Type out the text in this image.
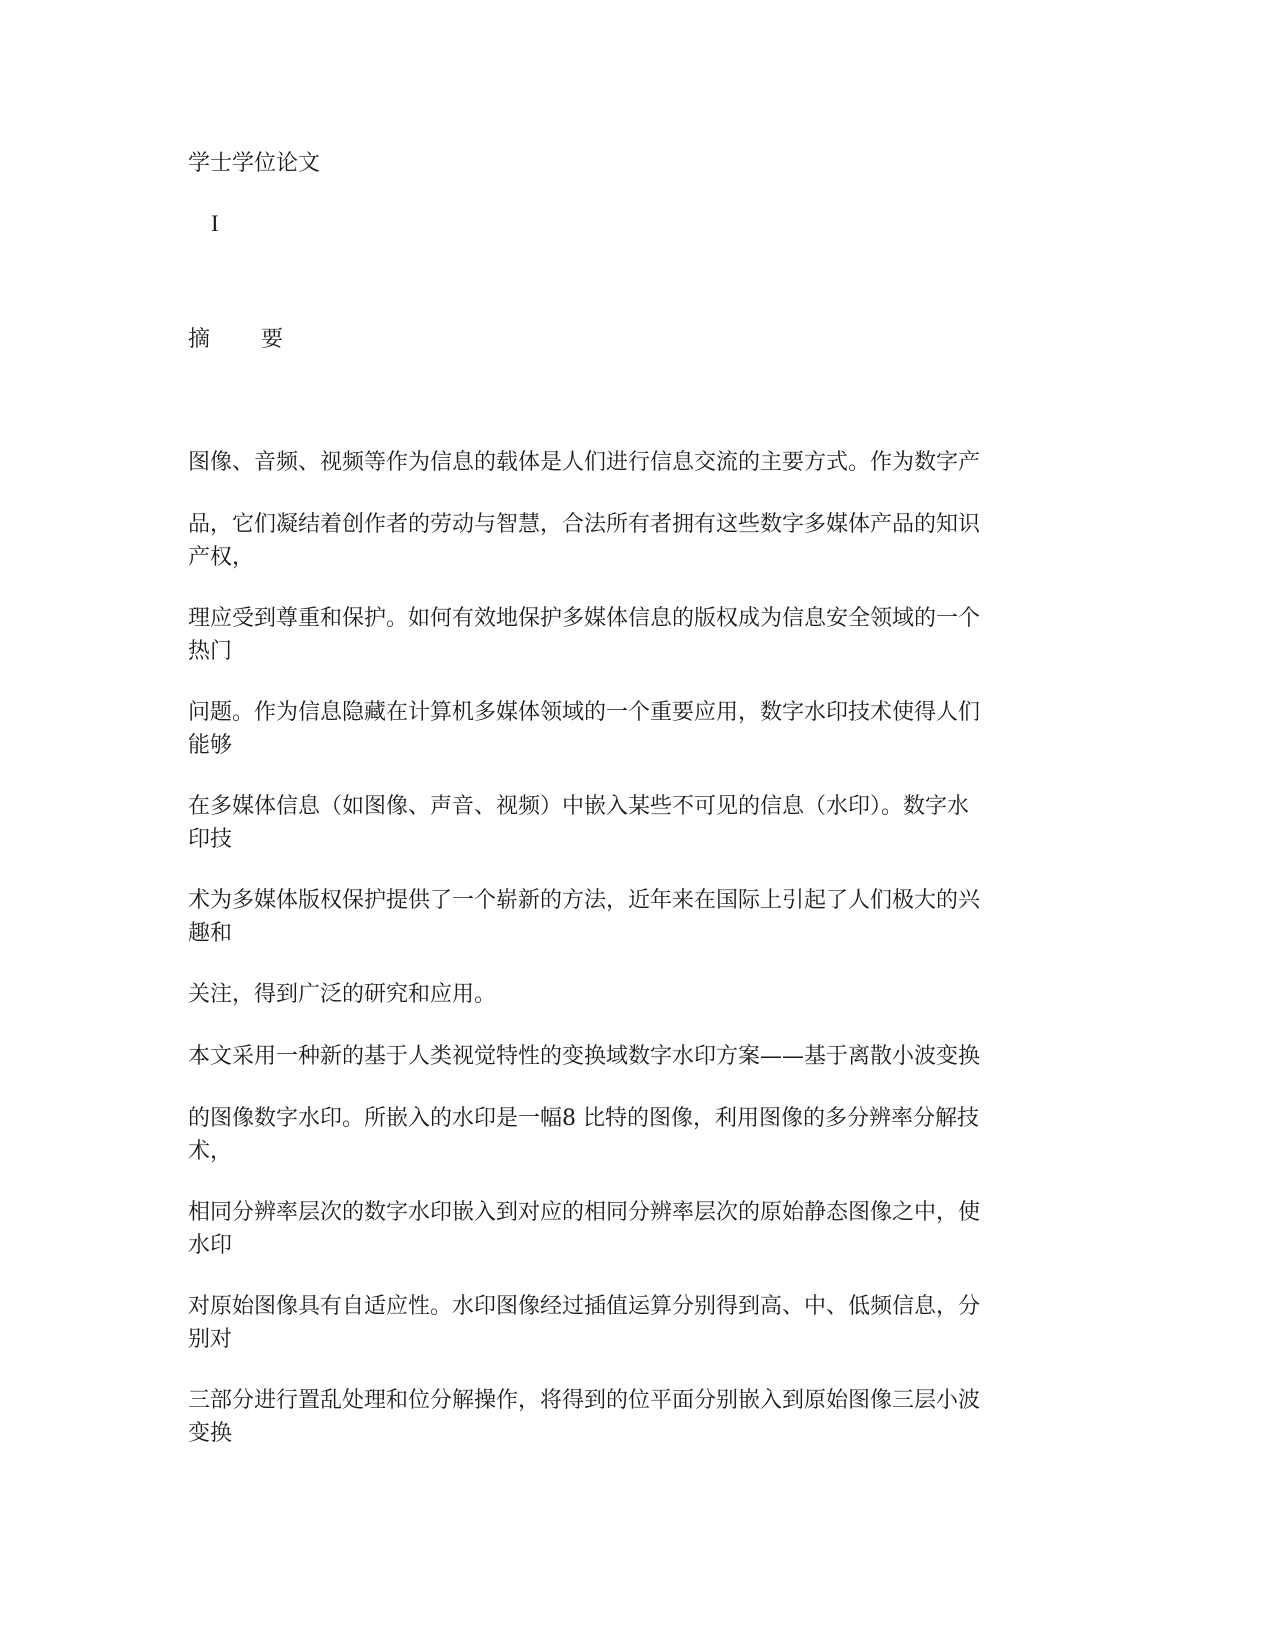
学士学位论文
I
摘 要

图像、音频、视频等作为信息的载体是人们进行信息交流的主要方式。作为数字产

品，它们凝结着创作者的劳动与智慧，合法所有者拥有这些数字多媒体产品的知识
产权，

理应受到尊重和保护。如何有效地保护多媒体信息的版权成为信息安全领域的一个
热门

问题。作为信息隐藏在计算机多媒体领域的一个重要应用，数字水印技术使得人们
能够

在多媒体信息（如图像、声音、视频）中嵌入某些不可见的信息（水印）。数字水
印技

术为多媒体版权保护提供了一个崭新的方法，近年来在国际上引起了人们极大的兴
趣和

关注，得到广泛的研究和应用。

本文采用一种新的基于人类视觉特性的变换域数字水印方案——基于离散小波变换

的图像数字水印。所嵌入的水印是一幅8 比特的图像，利用图像的多分辨率分解技
术，

相同分辨率层次的数字水印嵌入到对应的相同分辨率层次的原始静态图像之中，使
水印

对原始图像具有自适应性。水印图像经过插值运算分别得到高、中、低频信息，分
别对

三部分进行置乱处理和位分解操作，将得到的位平面分别嵌入到原始图像三层小波
变换
